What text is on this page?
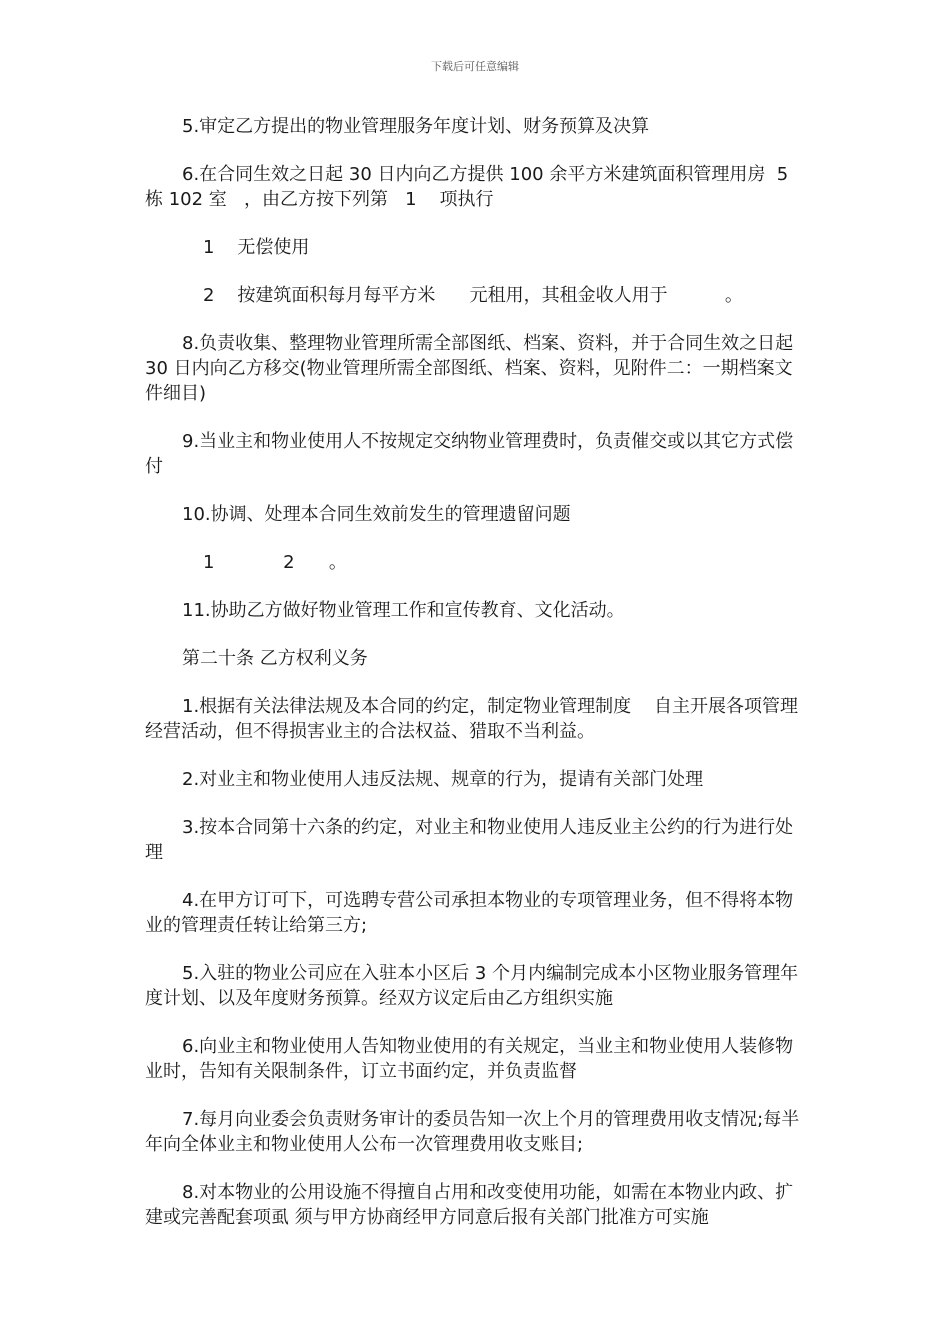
下载后可任意编辑

5.审定乙方提出的物业管理服务年度计划、财务预算及决算

6.在合同生效之日起 30 日内向乙方提供 100 余平方米建筑面积管理用房  5 栋 102 室   ，由乙方按下列第   1    项执行

1    无偿使用

2    按建筑面积每月每平方米      元租用，其租金收人用于          。

8.负责收集、整理物业管理所需全部图纸、档案、资料，并于合同生效之日起 30 日内向乙方移交(物业管理所需全部图纸、档案、资料，见附件二：一期档案文件细目)

9.当业主和物业使用人不按规定交纳物业管理费时，负责催交或以其它方式偿付

10.协调、处理本合同生效前发生的管理遗留问题

1            2      。

11.协助乙方做好物业管理工作和宣传教育、文化活动。

第二十条 乙方权利义务

1.根据有关法律法规及本合同的约定，制定物业管理制度    自主开展各项管理经营活动，但不得损害业主的合法权益、猎取不当利益。

2.对业主和物业使用人违反法规、规章的行为，提请有关部门处理

3.按本合同第十六条的约定，对业主和物业使用人违反业主公约的行为进行处理

4.在甲方订可下，可选聘专营公司承担本物业的专项管理业务，但不得将本物业的管理责任转让给第三方;

5.入驻的物业公司应在入驻本小区后 3 个月内编制完成本小区物业服务管理年度计划、以及年度财务预算。经双方议定后由乙方组织实施

6.向业主和物业使用人告知物业使用的有关规定，当业主和物业使用人装修物业时，告知有关限制条件，订立书面约定，并负责监督

7.每月向业委会负责财务审计的委员告知一次上个月的管理费用收支情况;每半年向全体业主和物业使用人公布一次管理费用收支账目;

8.对本物业的公用设施不得擅自占用和改变使用功能，如需在本物业内政、扩建或完善配套项虱 须与甲方协商经甲方同意后报有关部门批准方可实施
